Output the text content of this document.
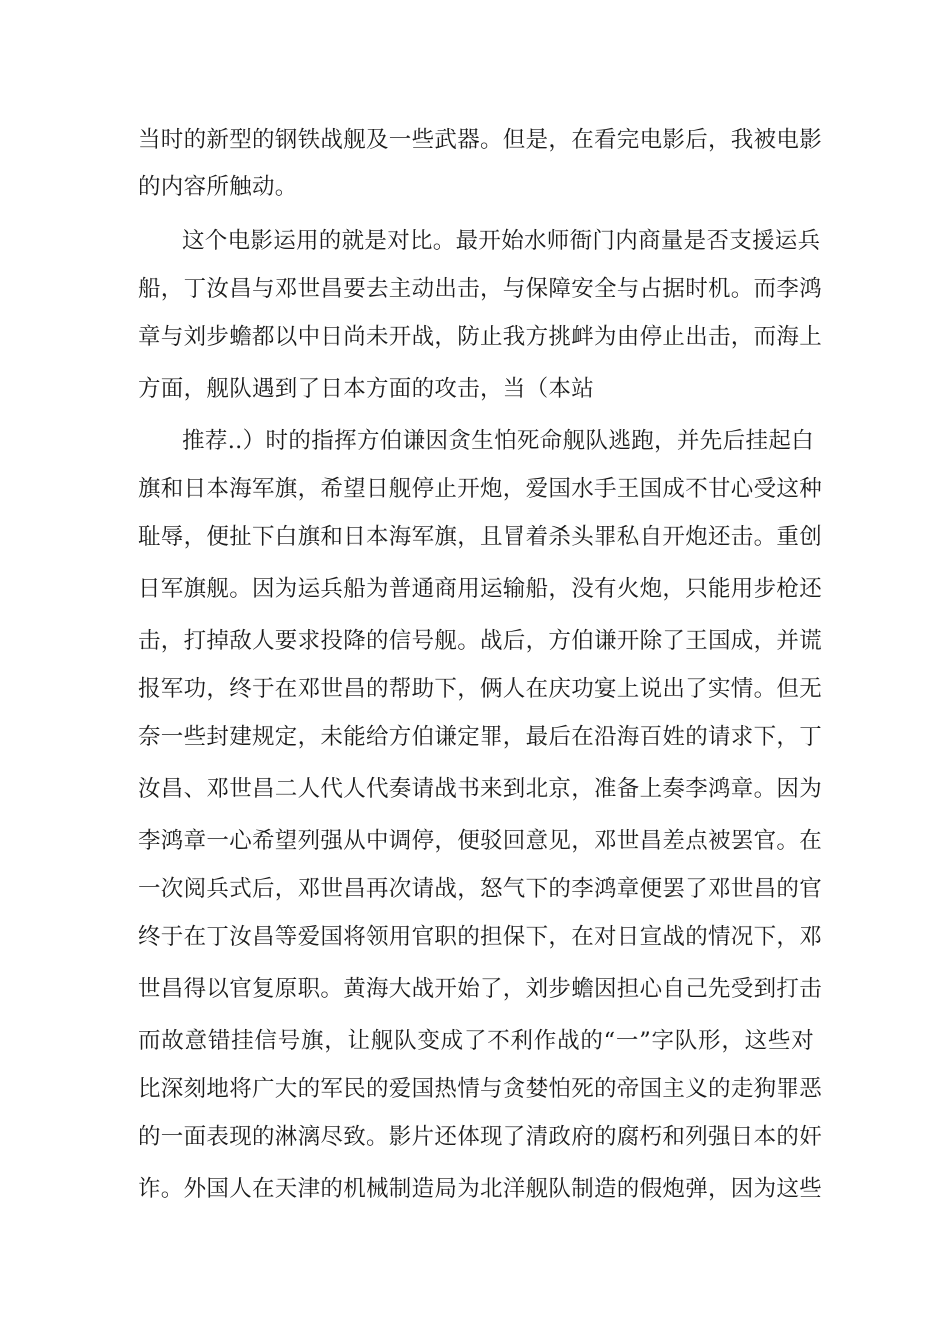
当时的新型的钢铁战舰及一些武器。但是，在看完电影后，我被电影
的内容所触动。
这个电影运用的就是对比。最开始水师衙门内商量是否支援运兵
船，丁汝昌与邓世昌要去主动出击，与保障安全与占据时机。而李鸿
章与刘步蟾都以中日尚未开战，防止我方挑衅为由停止出击，而海上
方面，舰队遇到了日本方面的攻击，当（本站
推荐..）时的指挥方伯谦因贪生怕死命舰队逃跑，并先后挂起白
旗和日本海军旗，希望日舰停止开炮，爱国水手王国成不甘心受这种
耻辱，便扯下白旗和日本海军旗，且冒着杀头罪私自开炮还击。重创
日军旗舰。因为运兵船为普通商用运输船，没有火炮，只能用步枪还
击，打掉敌人要求投降的信号舰。战后，方伯谦开除了王国成，并谎
报军功，终于在邓世昌的帮助下，俩人在庆功宴上说出了实情。但无
奈一些封建规定，未能给方伯谦定罪，最后在沿海百姓的请求下，丁
汝昌、邓世昌二人代人代奏请战书来到北京，准备上奏李鸿章。因为
李鸿章一心希望列强从中调停，便驳回意见，邓世昌差点被罢官。在
一次阅兵式后，邓世昌再次请战，怒气下的李鸿章便罢了邓世昌的官
终于在丁汝昌等爱国将领用官职的担保下，在对日宣战的情况下，邓
世昌得以官复原职。黄海大战开始了，刘步蟾因担心自己先受到打击
而故意错挂信号旗，让舰队变成了不利作战的“一”字队形，这些对
比深刻地将广大的军民的爱国热情与贪婪怕死的帝国主义的走狗罪恶
的一面表现的淋漓尽致。影片还体现了清政府的腐朽和列强日本的奸
诈。外国人在天津的机械制造局为北洋舰队制造的假炮弹，因为这些
